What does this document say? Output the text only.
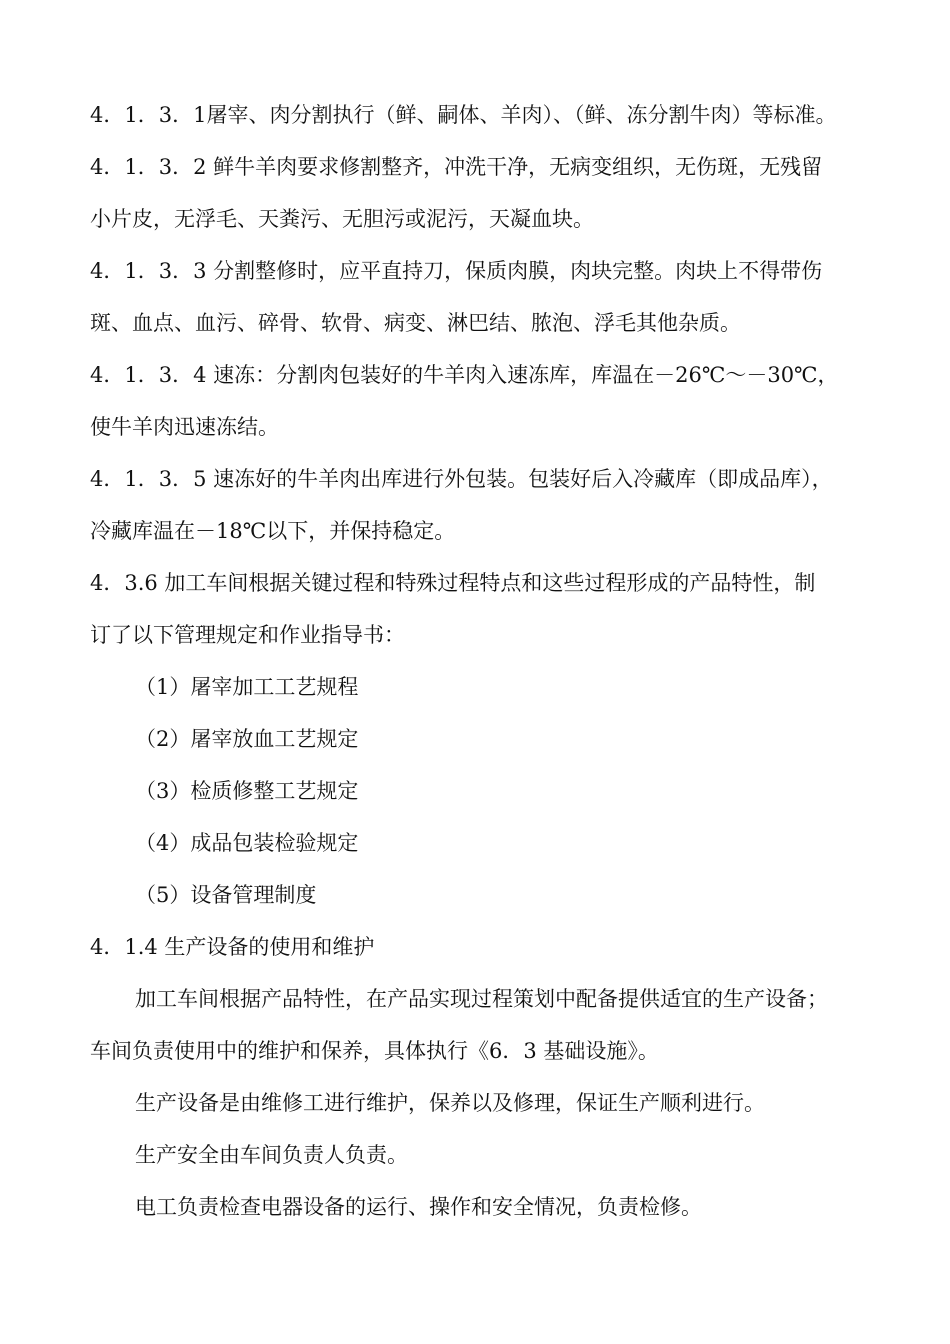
4．1．3．1屠宰、肉分割执行（鲜、嗣体、羊肉）、（鲜、冻分割牛肉）等标准。
4．1．3．2 鲜牛羊肉要求修割整齐，冲洗干净，无病变组织，无伤斑，无残留
小片皮，无浮毛、天粪污、无胆污或泥污，天凝血块。
4．1．3．3 分割整修时，应平直持刀，保质肉膜，肉块完整。肉块上不得带伤
斑、血点、血污、碎骨、软骨、病变、淋巴结、脓泡、浮毛其他杂质。
4．1．3．4 速冻：分割肉包装好的牛羊肉入速冻库，库温在－26℃～－30℃，
使牛羊肉迅速冻结。
4．1．3．5 速冻好的牛羊肉出库进行外包装。包装好后入冷藏库（即成品库），
冷藏库温在－18℃以下，并保持稳定。
4．3.6 加工车间根据关键过程和特殊过程特点和这些过程形成的产品特性，制
订了以下管理规定和作业指导书：
（1）屠宰加工工艺规程
（2）屠宰放血工艺规定
（3）检质修整工艺规定
（4）成品包装检验规定
（5）设备管理制度
4．1.4 生产设备的使用和维护
加工车间根据产品特性，在产品实现过程策划中配备提供适宜的生产设备；
车间负责使用中的维护和保养，具体执行《6．3 基础设施》。
生产设备是由维修工进行维护，保养以及修理，保证生产顺利进行。
生产安全由车间负责人负责。
电工负责检查电器设备的运行、操作和安全情况，负责检修。
